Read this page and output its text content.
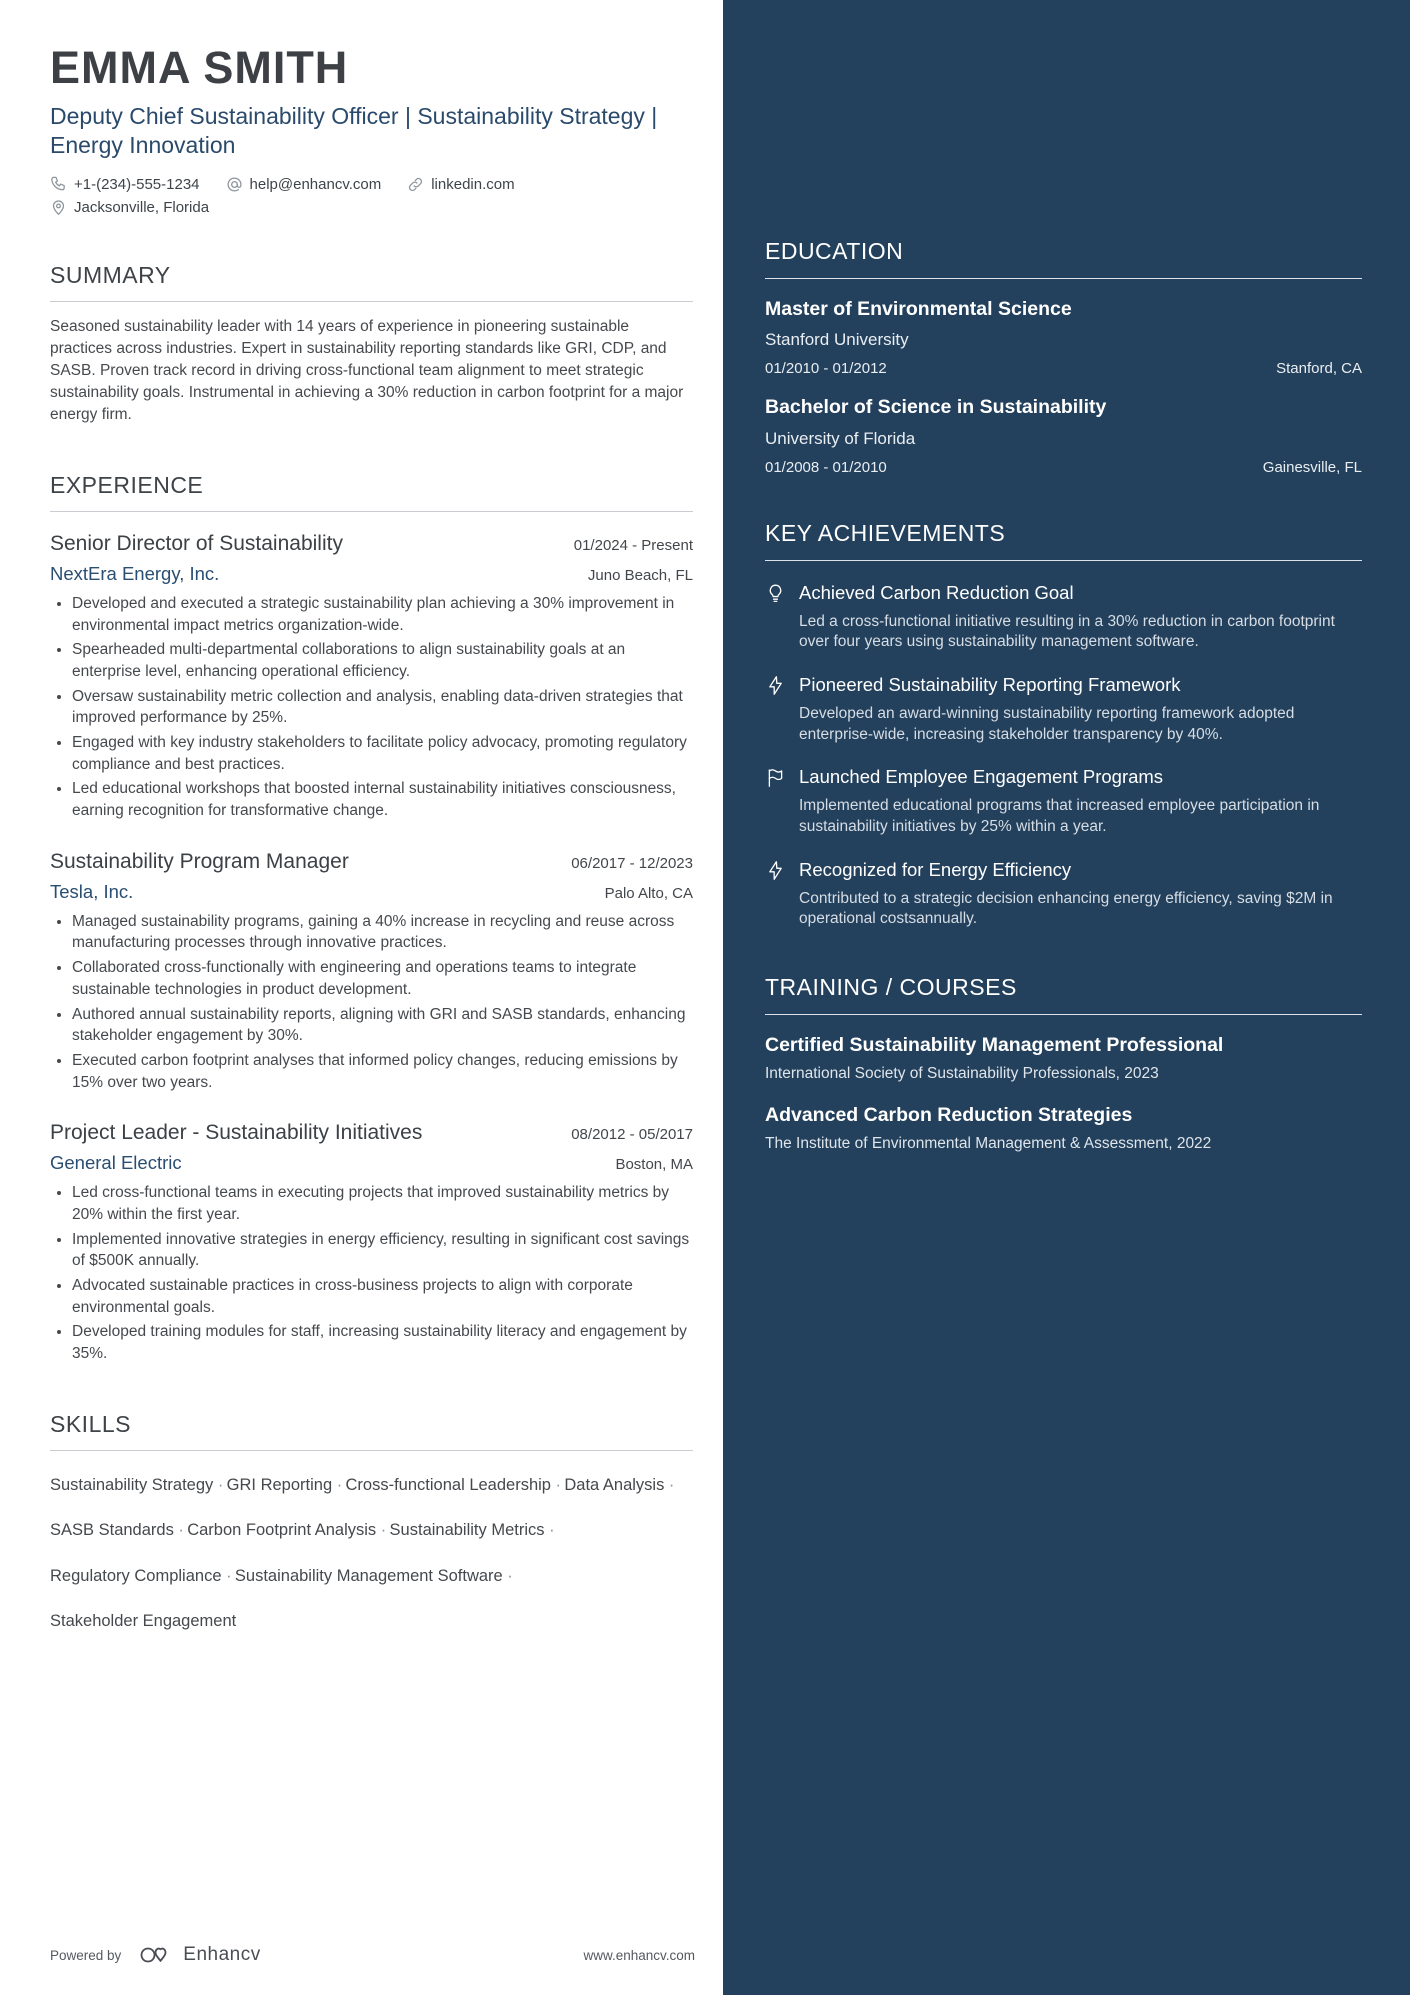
EMMA SMITH
Deputy Chief Sustainability Officer | Sustainability Strategy | Energy Innovation
+1-(234)-555-1234	help@enhancv.com	linkedin.com
Jacksonville, Florida
SUMMARY
Seasoned sustainability leader with 14 years of experience in pioneering sustainable practices across industries. Expert in sustainability reporting standards like GRI, CDP, and SASB. Proven track record in driving cross-functional team alignment to meet strategic sustainability goals. Instrumental in achieving a 30% reduction in carbon footprint for a major energy firm.
EXPERIENCE
Senior Director of Sustainability	01/2024 - Present
NextEra Energy, Inc.	Juno Beach, FL
• Developed and executed a strategic sustainability plan achieving a 30% improvement in environmental impact metrics organization-wide.
• Spearheaded multi-departmental collaborations to align sustainability goals at an enterprise level, enhancing operational efficiency.
• Oversaw sustainability metric collection and analysis, enabling data-driven strategies that improved performance by 25%.
• Engaged with key industry stakeholders to facilitate policy advocacy, promoting regulatory compliance and best practices.
• Led educational workshops that boosted internal sustainability initiatives consciousness, earning recognition for transformative change.
Sustainability Program Manager	06/2017 - 12/2023
Tesla, Inc.	Palo Alto, CA
• Managed sustainability programs, gaining a 40% increase in recycling and reuse across manufacturing processes through innovative practices.
• Collaborated cross-functionally with engineering and operations teams to integrate sustainable technologies in product development.
• Authored annual sustainability reports, aligning with GRI and SASB standards, enhancing stakeholder engagement by 30%.
• Executed carbon footprint analyses that informed policy changes, reducing emissions by 15% over two years.
Project Leader - Sustainability Initiatives	08/2012 - 05/2017
General Electric	Boston, MA
• Led cross-functional teams in executing projects that improved sustainability metrics by 20% within the first year.
• Implemented innovative strategies in energy efficiency, resulting in significant cost savings of $500K annually.
• Advocated sustainable practices in cross-business projects to align with corporate environmental goals.
• Developed training modules for staff, increasing sustainability literacy and engagement by 35%.
SKILLS
Sustainability Strategy ·  GRI Reporting ·  Cross-functional Leadership ·  Data Analysis · SASB Standards ·  Carbon Footprint Analysis ·  Sustainability Metrics · Regulatory Compliance ·  Sustainability Management Software · Stakeholder Engagement
Powered by	Enhancv	www.enhancv.com
EDUCATION
Master of Environmental Science
Stanford University
01/2010 - 01/2012	Stanford, CA
Bachelor of Science in Sustainability
University of Florida
01/2008 - 01/2010	Gainesville, FL
KEY ACHIEVEMENTS
Achieved Carbon Reduction Goal
Led a cross-functional initiative resulting in a 30% reduction in carbon footprint over four years using sustainability management software.
Pioneered Sustainability Reporting Framework
Developed an award-winning sustainability reporting framework adopted enterprise-wide, increasing stakeholder transparency by 40%.
Launched Employee Engagement Programs
Implemented educational programs that increased employee participation in sustainability initiatives by 25% within a year.
Recognized for Energy Efficiency
Contributed to a strategic decision enhancing energy efficiency, saving $2M in operational costsannually.
TRAINING / COURSES
Certified Sustainability Management Professional
International Society of Sustainability Professionals, 2023
Advanced Carbon Reduction Strategies
The Institute of Environmental Management & Assessment, 2022
